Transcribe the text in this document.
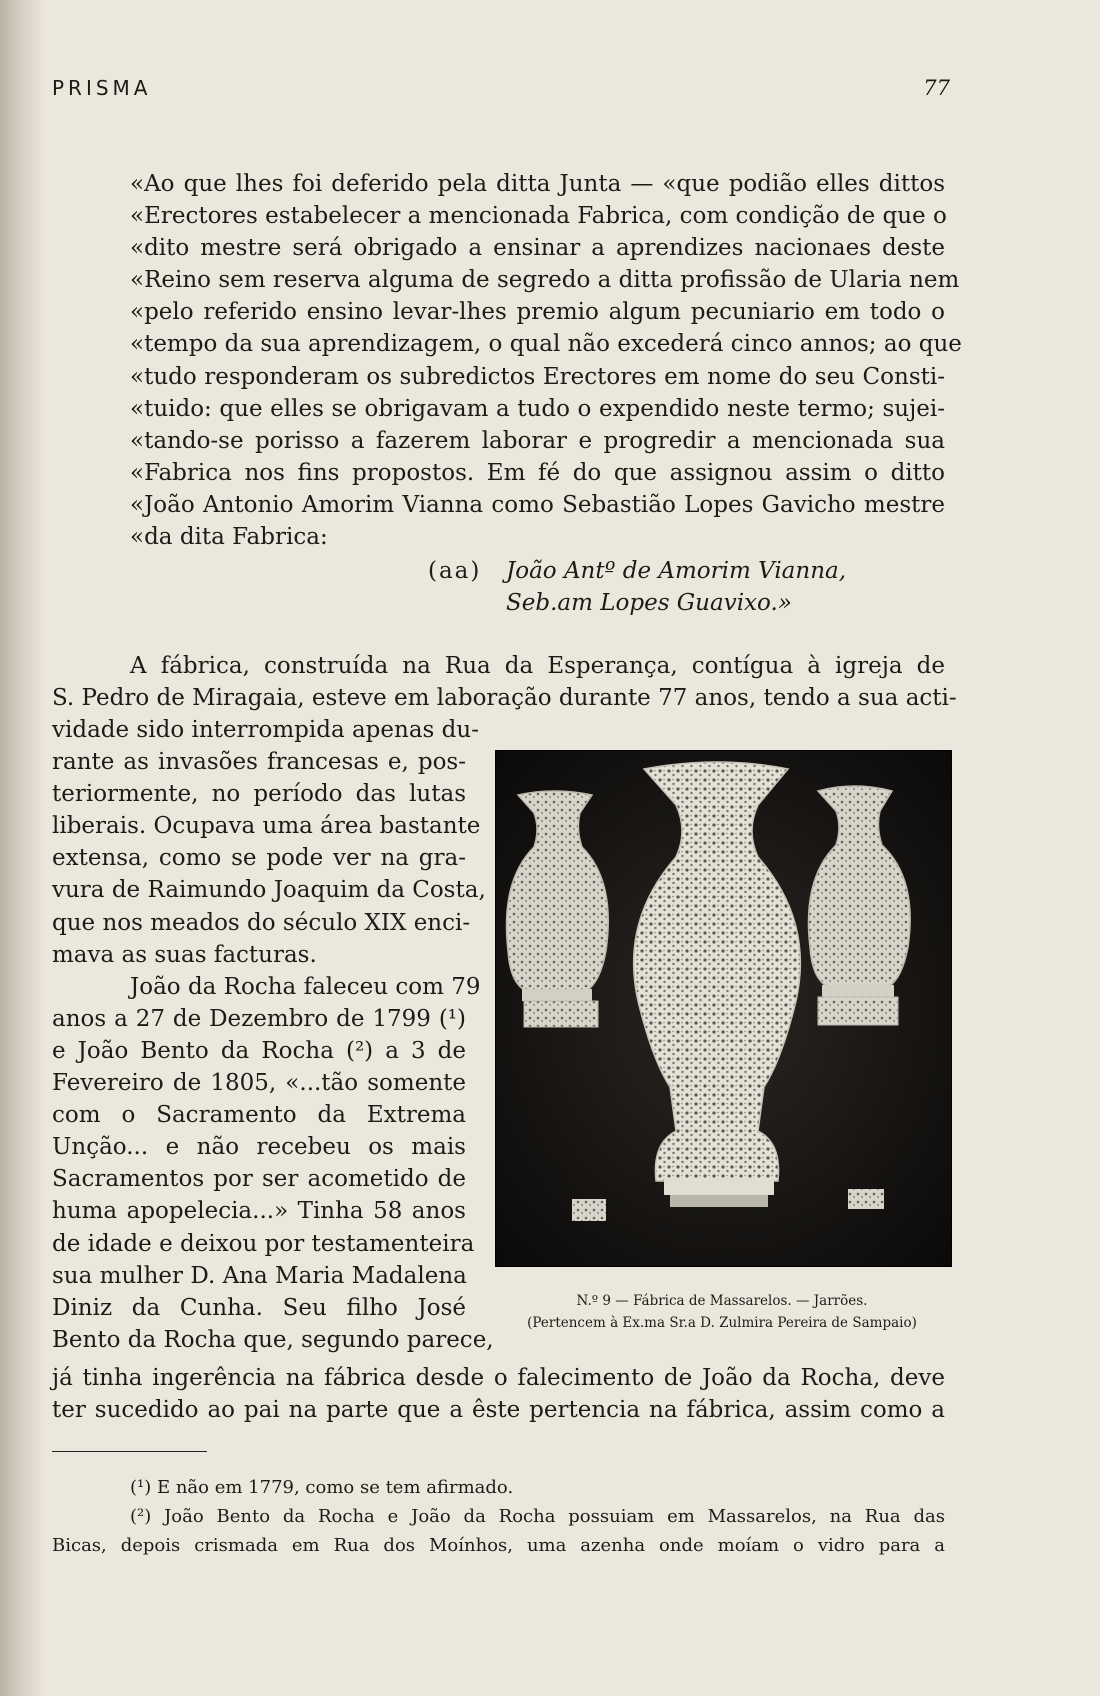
PRISMA	77
«Ao que lhes foi deferido pela ditta Junta — «que podião elles dittos
«Erectores estabelecer a mencionada Fabrica, com condição de que o
«dito mestre será obrigado a ensinar a aprendizes nacionaes deste
«Reino sem reserva alguma de segredo a ditta profissão de Ularia nem
«pelo referido ensino levar-lhes premio algum pecuniario em todo o
«tempo da sua aprendizagem, o qual não excederá cinco annos; ao que
«tudo responderam os subredictos Erectores em nome do seu Consti-
«tuido: que elles se obrigavam a tudo o expendido neste termo; sujei-
«tando-se porisso a fazerem laborar e progredir a mencionada sua
«Fabrica nos fins propostos. Em fé do que assignou assim o ditto
«João Antonio Amorim Vianna como Sebastião Lopes Gavicho mestre
«da dita Fabrica:
(aa) João Antº de Amorim Vianna,
Seb.am Lopes Guavixo.»
A fábrica, construída na Rua da Esperança, contígua à igreja de
S. Pedro de Miragaia, esteve em laboração durante 77 anos, tendo a sua acti-
vidade sido interrompida apenas du-
rante as invasões francesas e, pos-
teriormente, no período das lutas
liberais. Ocupava uma área bastante
extensa, como se pode ver na gra-
vura de Raimundo Joaquim da Costa,
que nos meados do século XIX enci-
mava as suas facturas.
João da Rocha faleceu com 79
anos a 27 de Dezembro de 1799 (¹)
e João Bento da Rocha (²) a 3 de
Fevereiro de 1805, «...tão somente
com o Sacramento da Extrema
Unção... e não recebeu os mais
Sacramentos por ser acometido de
huma apopelecia...» Tinha 58 anos
de idade e deixou por testamenteira
sua mulher D. Ana Maria Madalena
Diniz da Cunha. Seu filho José
Bento da Rocha que, segundo parece,
N.º 9 — Fábrica de Massarelos. — Jarrões.
(Pertencem à Ex.ma Sr.a D. Zulmira Pereira de Sampaio)
já tinha ingerência na fábrica desde o falecimento de João da Rocha, deve
ter sucedido ao pai na parte que a êste pertencia na fábrica, assim como a
(¹) E não em 1779, como se tem afirmado.
(²) João Bento da Rocha e João da Rocha possuiam em Massarelos, na Rua das
Bicas, depois crismada em Rua dos Moínhos, uma azenha onde moíam o vidro para a
